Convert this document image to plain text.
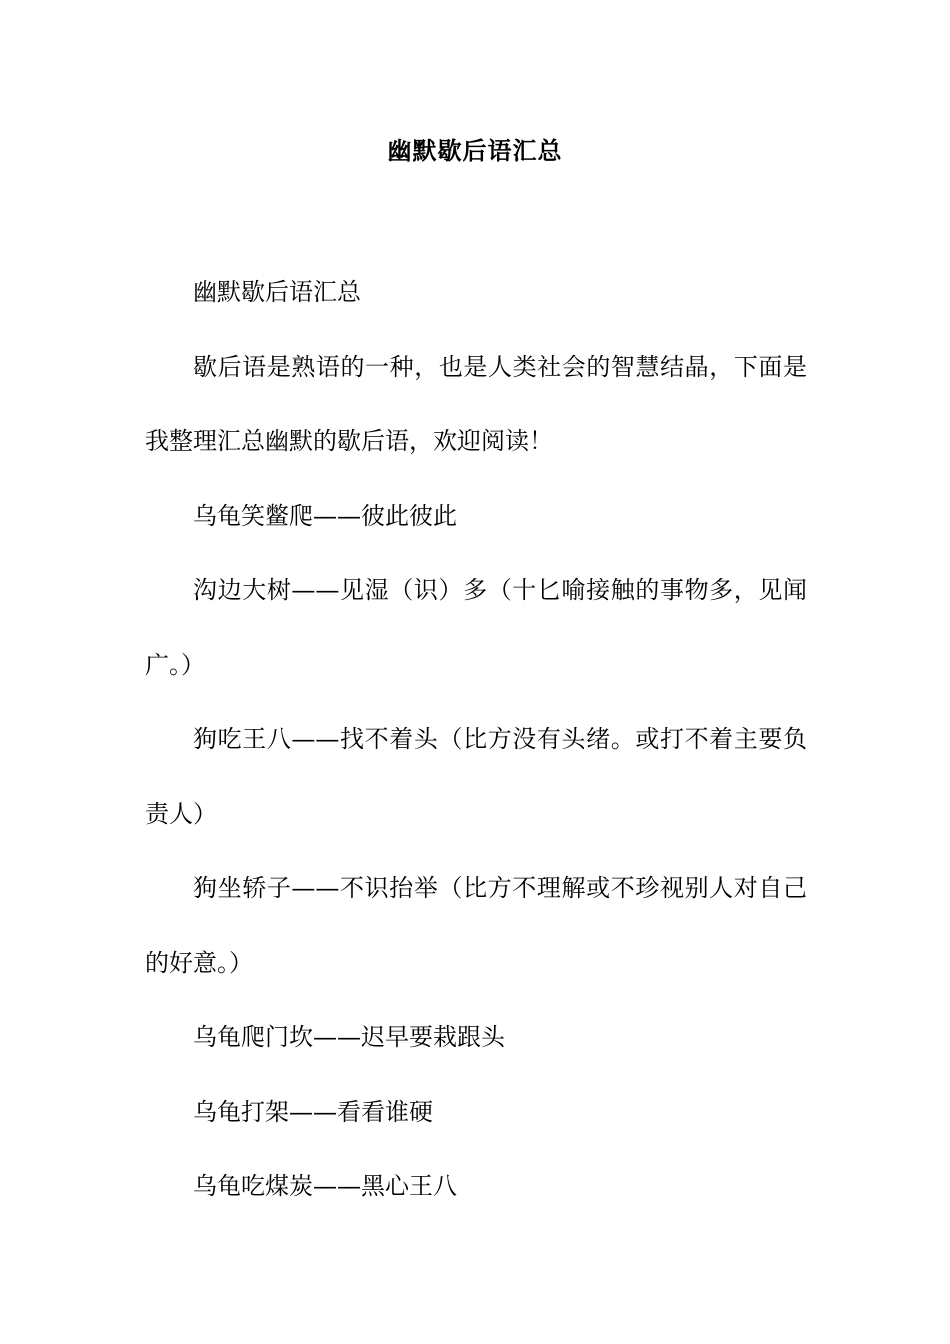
幽默歇后语汇总

幽默歇后语汇总

歇后语是熟语的一种，也是人类社会的智慧结晶，下面是我整理汇总幽默的歇后语，欢迎阅读！

乌龟笑鳖爬——彼此彼此

沟边大树——见湿（识）多（十匕喻接触的事物多，见闻广。）

狗吃王八——找不着头（比方没有头绪。或打不着主要负责人）

狗坐轿子——不识抬举（比方不理解或不珍视别人对自己的好意。）

乌龟爬门坎——迟早要栽跟头

乌龟打架——看看谁硬

乌龟吃煤炭——黑心王八
